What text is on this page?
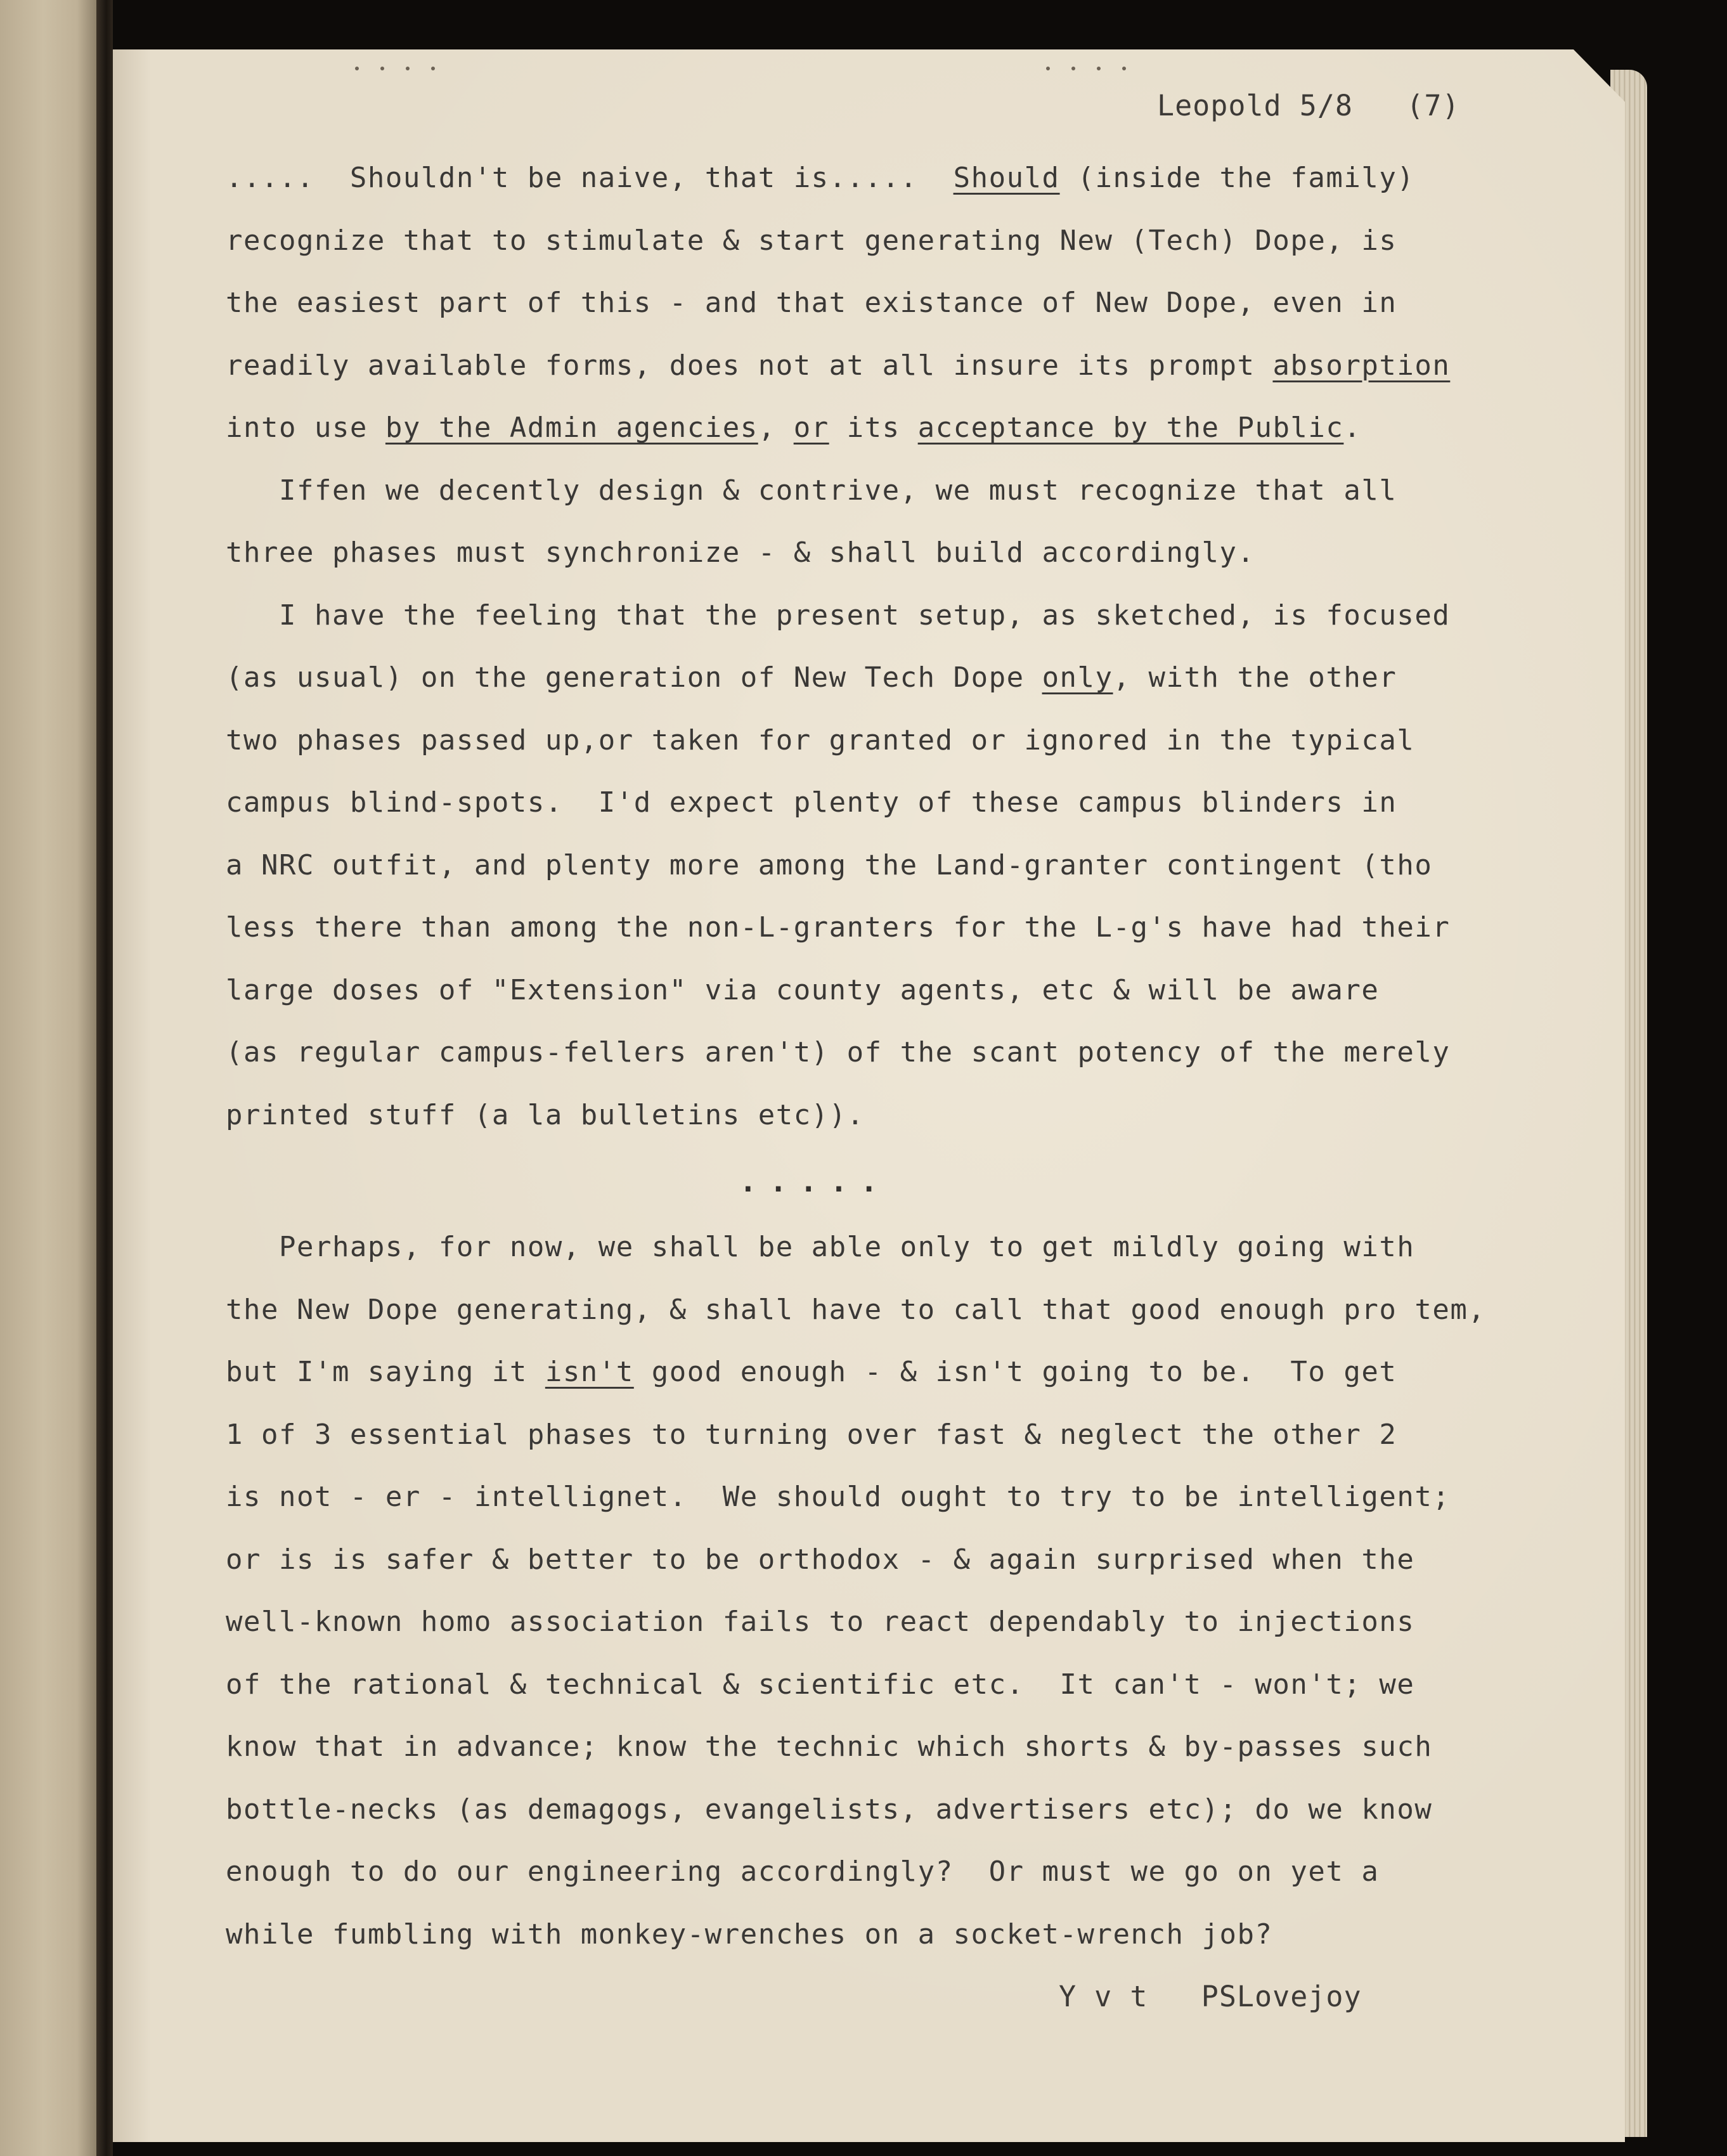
Leopold 5/8   (7)

.....  Shouldn't be naive, that is.....  Should (inside the family)
recognize that to stimulate & start generating New (Tech) Dope, is
the easiest part of this - and that existance of New Dope, even in
readily available forms, does not at all insure its prompt absorption
into use by the Admin agencies, or its acceptance by the Public.
Iffen we decently design & contrive, we must recognize that all
three phases must synchronize - & shall build accordingly.
I have the feeling that the present setup, as sketched, is focused
(as usual) on the generation of New Tech Dope only, with the other
two phases passed up,or taken for granted or ignored in the typical
campus blind-spots.  I'd expect plenty of these campus blinders in
a NRC outfit, and plenty more among the Land-granter contingent (tho
less there than among the non-L-granters for the L-g's have had their
large doses of "Extension" via county agents, etc & will be aware
(as regular campus-fellers aren't) of the scant potency of the merely
printed stuff (a la bulletins etc)).
.....
Perhaps, for now, we shall be able only to get mildly going with
the New Dope generating, & shall have to call that good enough pro tem,
but I'm saying it isn't good enough - & isn't going to be.  To get
1 of 3 essential phases to turning over fast & neglect the other 2
is not - er - intellignet.  We should ought to try to be intelligent;
or is is safer & better to be orthodox - & again surprised when the
well-known homo association fails to react dependably to injections
of the rational & technical & scientific etc.  It can't - won't; we
know that in advance; know the technic which shorts & by-passes such
bottle-necks (as demagogs, evangelists, advertisers etc); do we know
enough to do our engineering accordingly?  Or must we go on yet a
while fumbling with monkey-wrenches on a socket-wrench job?

Y v t   PSLovejoy
